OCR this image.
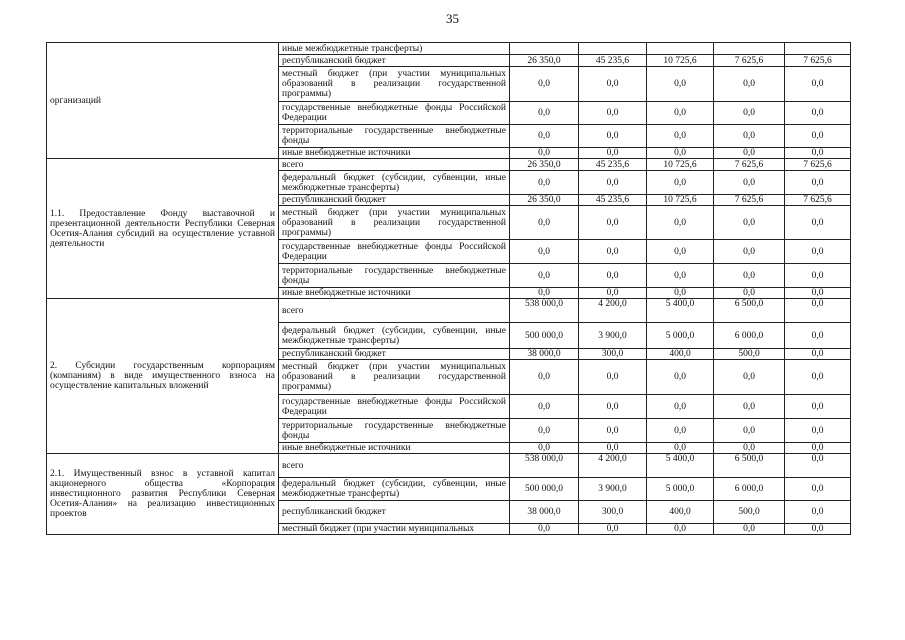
35
организаций	иные межбюджетные трансферты)					
	республиканский бюджет	26 350,0	45 235,6	10 725,6	7 625,6	7 625,6
	местный бюджет (при участии муниципальных образований в реализации государственной программы)	0,0	0,0	0,0	0,0	0,0
	государственные внебюджетные фонды Российской Федерации	0,0	0,0	0,0	0,0	0,0
	территориальные государственные внебюджетные фонды	0,0	0,0	0,0	0,0	0,0
	иные внебюджетные источники	0,0	0,0	0,0	0,0	0,0
1.1. Предоставление Фонду выставочной и презентационной деятельности Республики Северная Осетия-Алания субсидий на осуществление уставной деятельности	всего	26 350,0	45 235,6	10 725,6	7 625,6	7 625,6
	федеральный бюджет (субсидии, субвенции, иные межбюджетные трансферты)	0,0	0,0	0,0	0,0	0,0
	республиканский бюджет	26 350,0	45 235,6	10 725,6	7 625,6	7 625,6
	местный бюджет (при участии муниципальных образований в реализации государственной программы)	0,0	0,0	0,0	0,0	0,0
	государственные внебюджетные фонды Российской Федерации	0,0	0,0	0,0	0,0	0,0
	территориальные государственные внебюджетные фонды	0,0	0,0	0,0	0,0	0,0
	иные внебюджетные источники	0,0	0,0	0,0	0,0	0,0
2. Субсидии государственным корпорациям (компаниям) в виде имущественного взноса на осуществление капитальных вложений	всего	538 000,0	4 200,0	5 400,0	6 500,0	0,0
	федеральный бюджет (субсидии, субвенции, иные межбюджетные трансферты)	500 000,0	3 900,0	5 000,0	6 000,0	0,0
	республиканский бюджет	38 000,0	300,0	400,0	500,0	0,0
	местный бюджет (при участии муниципальных образований в реализации государственной программы)	0,0	0,0	0,0	0,0	0,0
	государственные внебюджетные фонды Российской Федерации	0,0	0,0	0,0	0,0	0,0
	территориальные государственные внебюджетные фонды	0,0	0,0	0,0	0,0	0,0
	иные внебюджетные источники	0,0	0,0	0,0	0,0	0,0
2.1. Имущественный взнос в уставной капитал акционерного общества «Корпорация инвестиционного развития Республики Северная Осетия-Алания» на реализацию инвестиционных проектов	всего	538 000,0	4 200,0	5 400,0	6 500,0	0,0
	федеральный бюджет (субсидии, субвенции, иные межбюджетные трансферты)	500 000,0	3 900,0	5 000,0	6 000,0	0,0
	республиканский бюджет	38 000,0	300,0	400,0	500,0	0,0
	местный бюджет (при участии муниципальных	0,0	0,0	0,0	0,0	0,0
